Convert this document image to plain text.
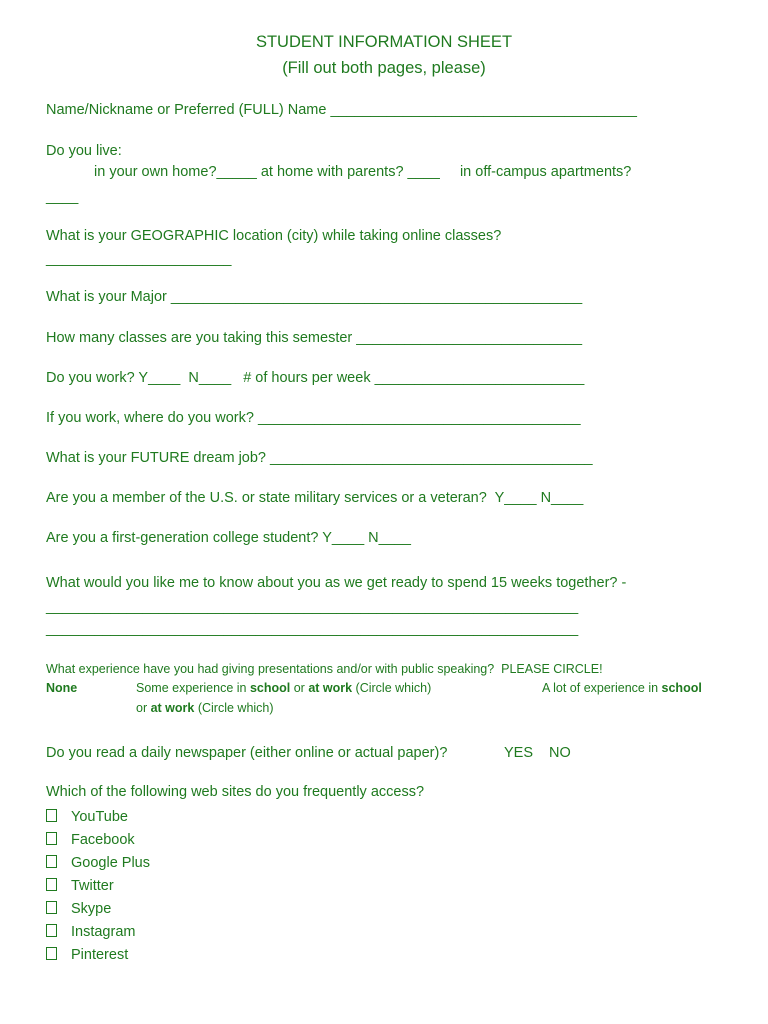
STUDENT INFORMATION SHEET
(Fill out both pages, please)
Name/Nickname or Preferred (FULL) Name ______________________________________
Do you live:
in your own home?_____ at home with parents? ____     in off-campus apartments?
____
What is your GEOGRAPHIC location (city) while taking online classes?
_______________________
What is your Major ___________________________________________________
How many classes are you taking this semester ____________________________
Do you work? Y____  N____   # of hours per week __________________________
If you work, where do you work? ________________________________________
What is your FUTURE dream job? ________________________________________
Are you a member of the U.S. or state military services or a veteran?  Y____ N____
Are you a first-generation college student? Y____ N____
What would you like me to know about you as we get ready to spend 15 weeks together? -
__________________________________________________________________
__________________________________________________________________
What experience have you had giving presentations and/or with public speaking?  PLEASE CIRCLE!
None	Some experience in school or at work (Circle which)	A lot of experience in school
or at work (Circle which)
Do you read a daily newspaper (either online or actual paper)?	YES NO
Which of the following web sites do you frequently access?
YouTube
Facebook
Google Plus
Twitter
Skype
Instagram
Pinterest
